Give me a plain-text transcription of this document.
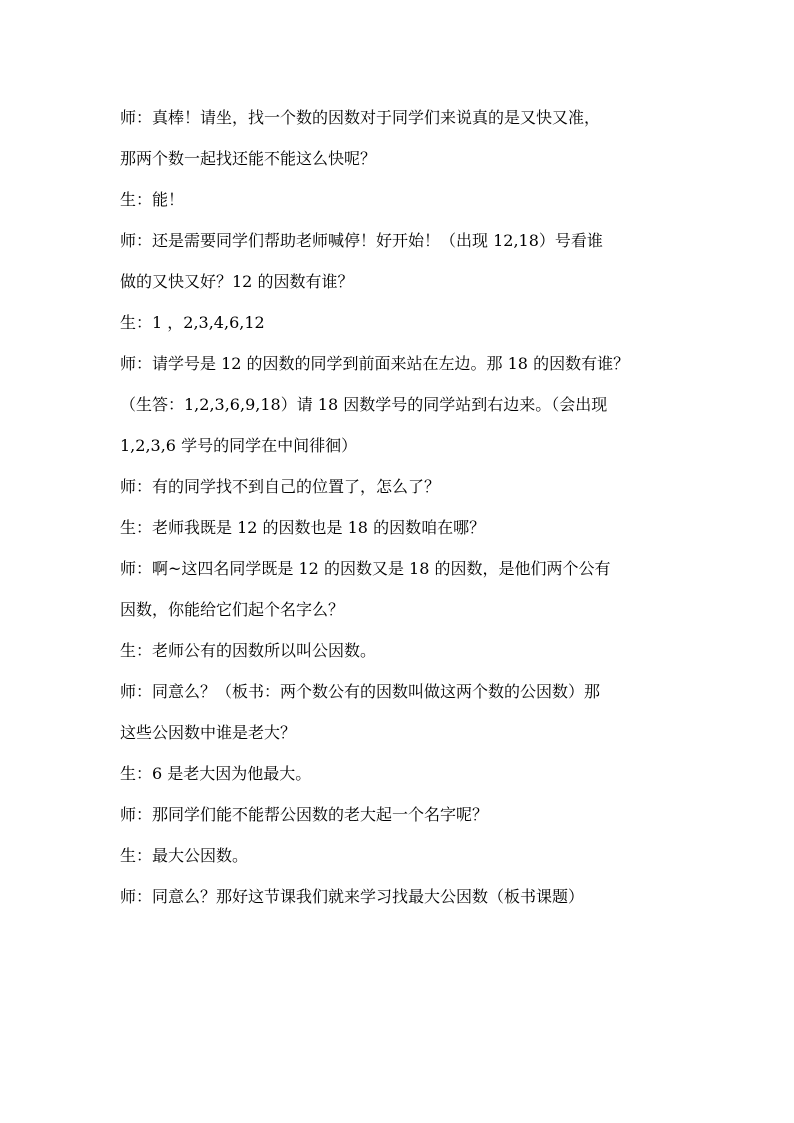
师：真棒！请坐，找一个数的因数对于同学们来说真的是又快又准，
那两个数一起找还能不能这么快呢？
生：能！
师：还是需要同学们帮助老师喊停！好开始！（出现 12,18）号看谁
做的又快又好？12 的因数有谁？
生：1 ，2,3,4,6,12
师：请学号是 12 的因数的同学到前面来站在左边。那 18 的因数有谁？
（生答：1,2,3,6,9,18）请 18 因数学号的同学站到右边来。（会出现
1,2,3,6 学号的同学在中间徘徊）
师：有的同学找不到自己的位置了，怎么了？
生：老师我既是 12 的因数也是 18 的因数咱在哪？
师：啊~这四名同学既是 12 的因数又是 18 的因数，是他们两个公有
因数，你能给它们起个名字么？
生：老师公有的因数所以叫公因数。
师：同意么？（板书：两个数公有的因数叫做这两个数的公因数）那
这些公因数中谁是老大？
生：6 是老大因为他最大。
师：那同学们能不能帮公因数的老大起一个名字呢？
生：最大公因数。
师：同意么？那好这节课我们就来学习找最大公因数（板书课题）
